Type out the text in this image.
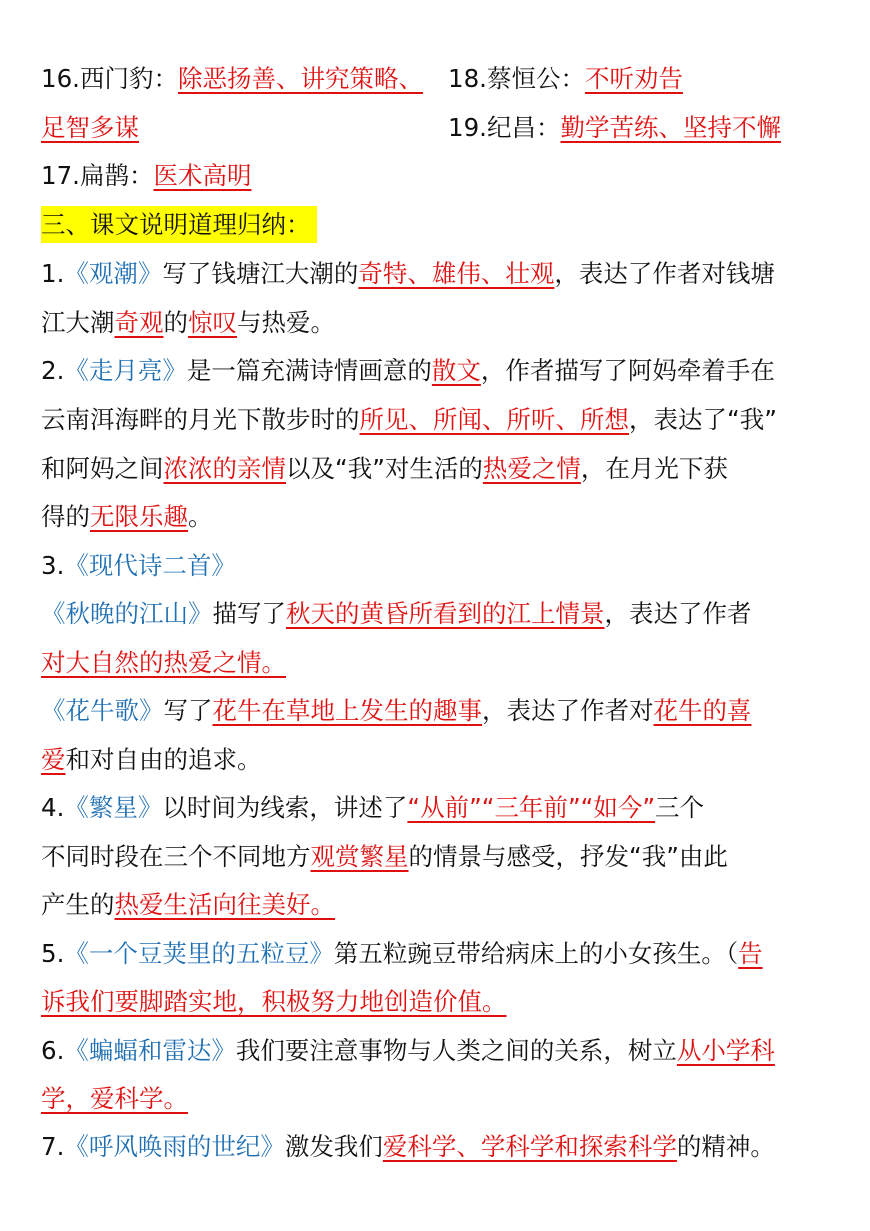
16.西门豹：除恶扬善、讲究策略、 18.蔡恒公：不听劝告
足智多谋	19.纪昌：勤学苦练、坚持不懈
17.扁鹊：医术高明
三、课文说明道理归纳：
1.《观潮》写了钱塘江大潮的奇特、雄伟、壮观，表达了作者对钱塘
江大潮奇观的惊叹与热爱。
2.《走月亮》是一篇充满诗情画意的散文，作者描写了阿妈牵着手在
云南洱海畔的月光下散步时的所见、所闻、所听、所想，表达了“我”
和阿妈之间浓浓的亲情以及“我”对生活的热爱之情，在月光下获
得的无限乐趣。
3.《现代诗二首》
《秋晚的江山》描写了秋天的黄昏所看到的江上情景，表达了作者
对大自然的热爱之情。
《花牛歌》写了花牛在草地上发生的趣事，表达了作者对花牛的喜
爱和对自由的追求。
4.《繁星》以时间为线索，讲述了“从前”“三年前”“如今”三个
不同时段在三个不同地方观赏繁星的情景与感受，抒发“我”由此
产生的热爱生活向往美好。
5.《一个豆荚里的五粒豆》第五粒豌豆带给病床上的小女孩生。（告
诉我们要脚踏实地，积极努力地创造价值。
6.《蝙蝠和雷达》我们要注意事物与人类之间的关系，树立从小学科
学，爱科学。
7.《呼风唤雨的世纪》激发我们爱科学、学科学和探索科学的精神。
